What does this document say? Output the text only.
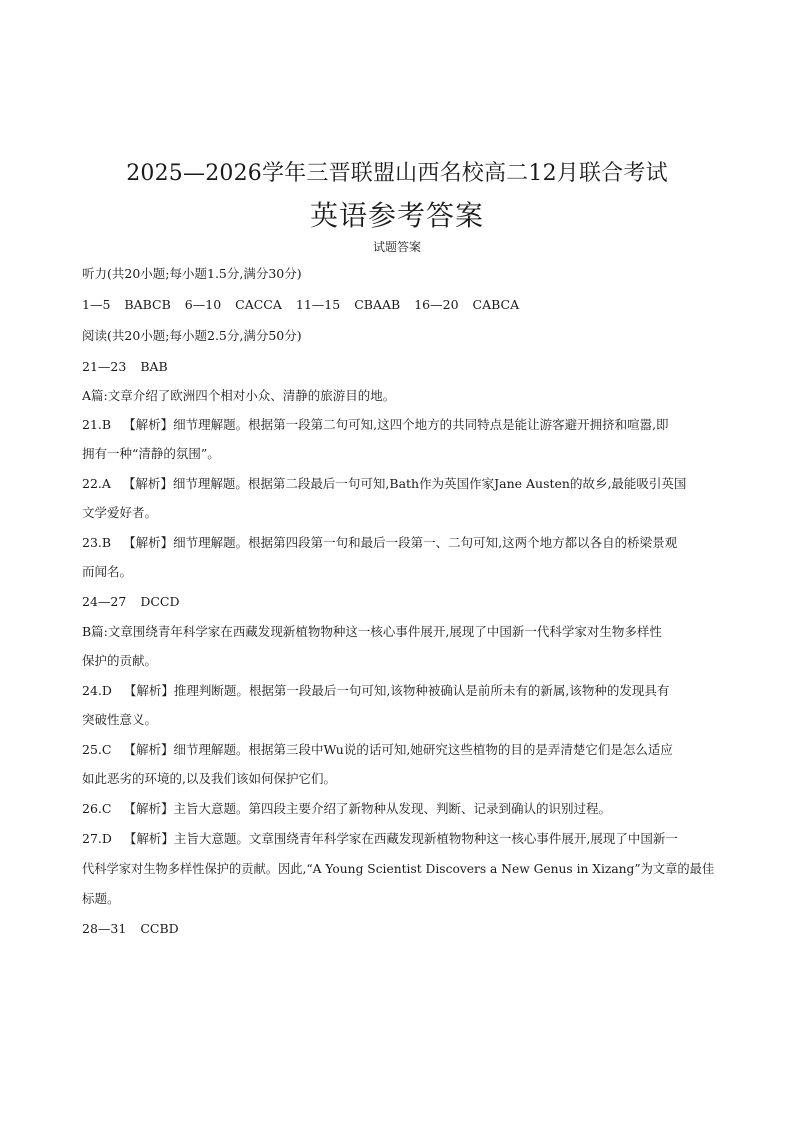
2025—2026学年三晋联盟山西名校高二12月联合考试
英语参考答案
试题答案
听力(共20小题;每小题1.5分,满分30分)
1—5 BABCB 6—10 CACCA 11—15 CBAAB 16—20 CABCA
阅读(共20小题;每小题2.5分,满分50分)
21—23 BAB
A篇:文章介绍了欧洲四个相对小众、清静的旅游目的地。
21.B 【解析】细节理解题。根据第一段第二句可知,这四个地方的共同特点是能让游客避开拥挤和喧嚣,即
拥有一种“清静的氛围”。
22.A 【解析】细节理解题。根据第二段最后一句可知,Bath作为英国作家Jane Austen的故乡,最能吸引英国
文学爱好者。
23.B 【解析】细节理解题。根据第四段第一句和最后一段第一、二句可知,这两个地方都以各自的桥梁景观
而闻名。
24—27 DCCD
B篇:文章围绕青年科学家在西藏发现新植物物种这一核心事件展开,展现了中国新一代科学家对生物多样性
保护的贡献。
24.D 【解析】推理判断题。根据第一段最后一句可知,该物种被确认是前所未有的新属,该物种的发现具有
突破性意义。
25.C 【解析】细节理解题。根据第三段中Wu说的话可知,她研究这些植物的目的是弄清楚它们是怎么适应
如此恶劣的环境的,以及我们该如何保护它们。
26.C 【解析】主旨大意题。第四段主要介绍了新物种从发现、判断、记录到确认的识别过程。
27.D 【解析】主旨大意题。文章围绕青年科学家在西藏发现新植物物种这一核心事件展开,展现了中国新一
代科学家对生物多样性保护的贡献。因此,“A Young Scientist Discovers a New Genus in Xizang”为文章的最佳
标题。
28—31 CCBD
